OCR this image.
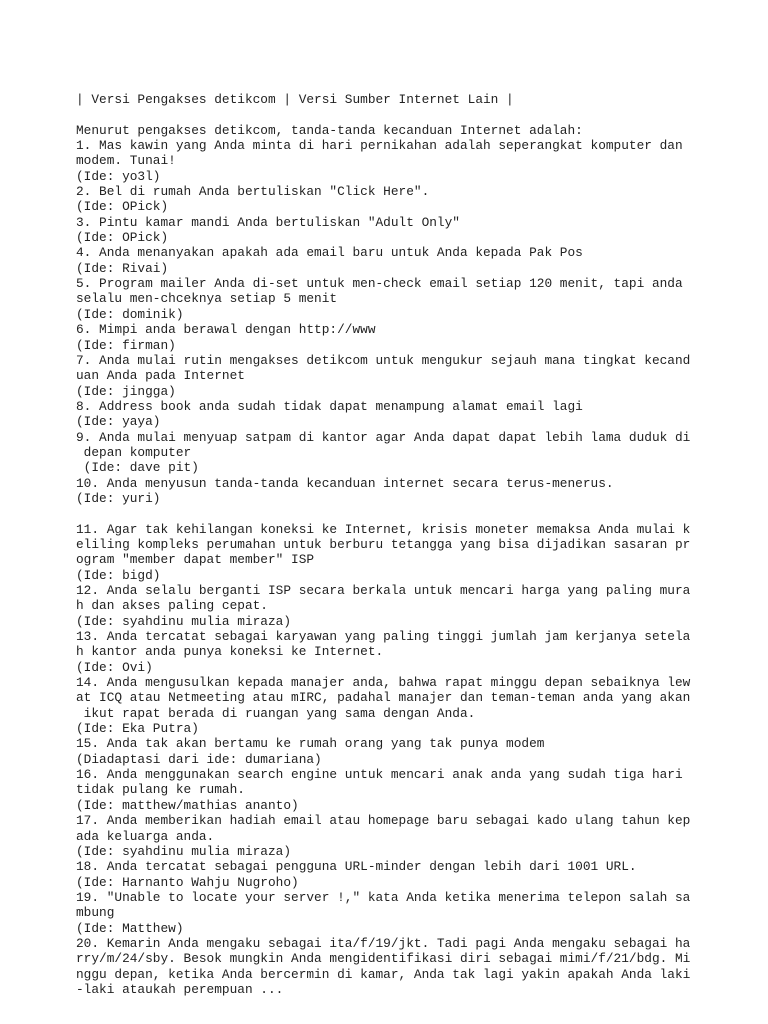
| Versi Pengakses detikcom | Versi Sumber Internet Lain |
Menurut pengakses detikcom, tanda-tanda kecanduan Internet adalah:
1. Mas kawin yang Anda minta di hari pernikahan adalah seperangkat komputer dan
modem. Tunai!
(Ide: yo3l)
2. Bel di rumah Anda bertuliskan "Click Here".
(Ide: OPick)
3. Pintu kamar mandi Anda bertuliskan "Adult Only"
(Ide: OPick)
4. Anda menanyakan apakah ada email baru untuk Anda kepada Pak Pos
(Ide: Rivai)
5. Program mailer Anda di-set untuk men-check email setiap 120 menit, tapi anda
selalu men-chceknya setiap 5 menit
(Ide: dominik)
6. Mimpi anda berawal dengan http://www
(Ide: firman)
7. Anda mulai rutin mengakses detikcom untuk mengukur sejauh mana tingkat kecand
uan Anda pada Internet
(Ide: jingga)
8. Address book anda sudah tidak dapat menampung alamat email lagi
(Ide: yaya)
9. Anda mulai menyuap satpam di kantor agar Anda dapat dapat lebih lama duduk di
depan komputer
(Ide: dave pit)
10. Anda menyusun tanda-tanda kecanduan internet secara terus-menerus.
(Ide: yuri)
11. Agar tak kehilangan koneksi ke Internet, krisis moneter memaksa Anda mulai k
eliling kompleks perumahan untuk berburu tetangga yang bisa dijadikan sasaran pr
ogram "member dapat member" ISP
(Ide: bigd)
12. Anda selalu berganti ISP secara berkala untuk mencari harga yang paling mura
h dan akses paling cepat.
(Ide: syahdinu mulia miraza)
13. Anda tercatat sebagai karyawan yang paling tinggi jumlah jam kerjanya setela
h kantor anda punya koneksi ke Internet.
(Ide: Ovi)
14. Anda mengusulkan kepada manajer anda, bahwa rapat minggu depan sebaiknya lew
at ICQ atau Netmeeting atau mIRC, padahal manajer dan teman-teman anda yang akan
ikut rapat berada di ruangan yang sama dengan Anda.
(Ide: Eka Putra)
15. Anda tak akan bertamu ke rumah orang yang tak punya modem
(Diadaptasi dari ide: dumariana)
16. Anda menggunakan search engine untuk mencari anak anda yang sudah tiga hari
tidak pulang ke rumah.
(Ide: matthew/mathias ananto)
17. Anda memberikan hadiah email atau homepage baru sebagai kado ulang tahun kep
ada keluarga anda.
(Ide: syahdinu mulia miraza)
18. Anda tercatat sebagai pengguna URL-minder dengan lebih dari 1001 URL.
(Ide: Harnanto Wahju Nugroho)
19. "Unable to locate your server !," kata Anda ketika menerima telepon salah sa
mbung
(Ide: Matthew)
20. Kemarin Anda mengaku sebagai ita/f/19/jkt. Tadi pagi Anda mengaku sebagai ha
rry/m/24/sby. Besok mungkin Anda mengidentifikasi diri sebagai mimi/f/21/bdg. Mi
nggu depan, ketika Anda bercermin di kamar, Anda tak lagi yakin apakah Anda laki
-laki ataukah perempuan ...
